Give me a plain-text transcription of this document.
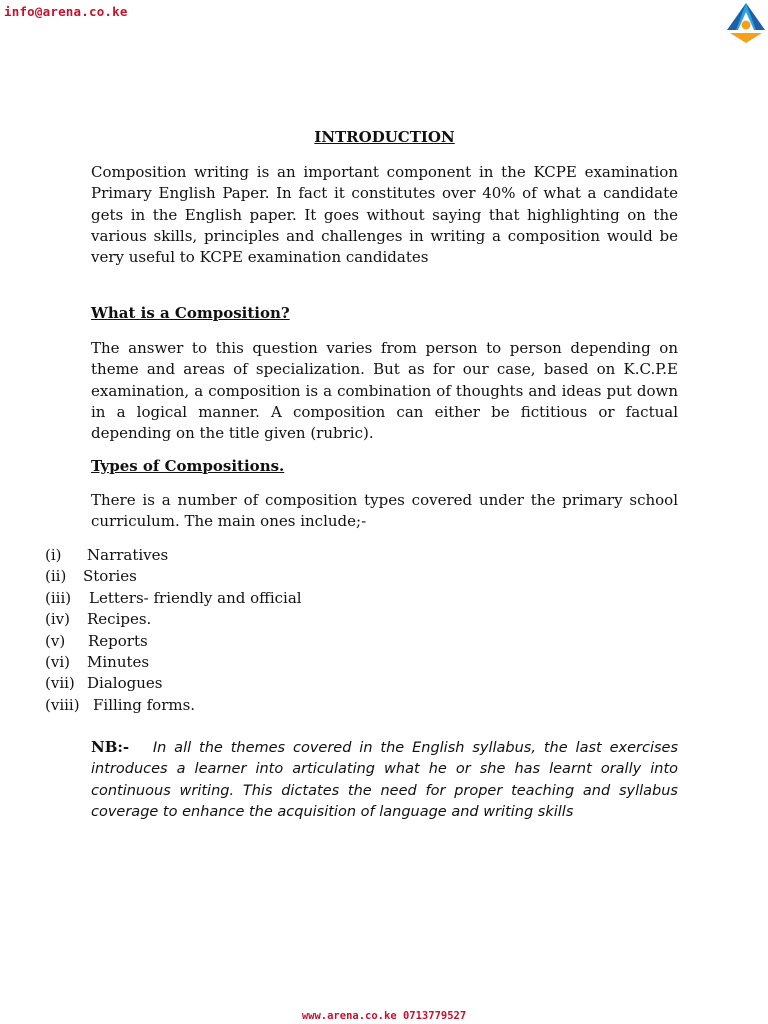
info@arena.co.ke
INTRODUCTION

Composition writing is an important component in the KCPE examination Primary English Paper. In fact it constitutes over 40% of what a candidate gets in the English paper. It goes without saying that highlighting on the various skills, principles and challenges in writing a composition would be very useful to KCPE examination candidates

What is a Composition?

The answer to this question varies from person to person depending on theme and areas of specialization. But as for our case, based on K.C.P.E examination, a composition is a combination of thoughts and ideas put down in a logical manner. A composition can either be fictitious or factual depending on the title given (rubric).

Types of Compositions.

There is a number of composition types covered under the primary school curriculum. The main ones include;-

(i) Narratives
(ii) Stories
(iii) Letters- friendly and official
(iv) Recipes.
(v) Reports
(vi) Minutes
(vii) Dialogues
(viii) Filling forms.

NB:- In all the themes covered in the English syllabus, the last exercises introduces a learner into articulating what he or she has learnt orally into continuous writing. This dictates the need for proper teaching and syllabus coverage to enhance the acquisition of language and writing skills

www.arena.co.ke 0713779527
